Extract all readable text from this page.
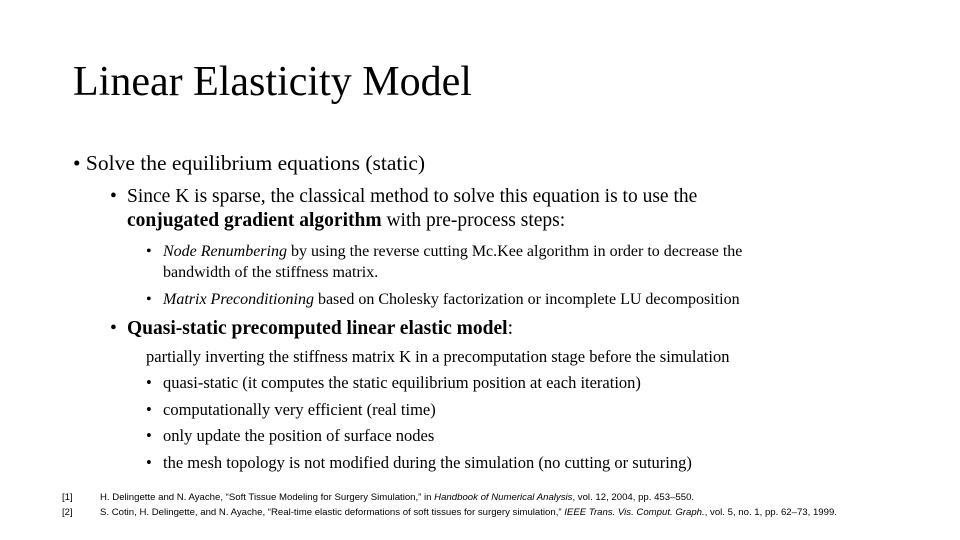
Linear Elasticity Model
• Solve the equilibrium equations (static)
• Since K is sparse, the classical method to solve this equation is to use the
conjugated gradient algorithm with pre-process steps:
• Node Renumbering by using the reverse cutting Mc.Kee algorithm in order to decrease the
bandwidth of the stiffness matrix.
• Matrix Preconditioning based on Cholesky factorization or incomplete LU decomposition
• Quasi-static precomputed linear elastic model:
partially inverting the stiffness matrix K in a precomputation stage before the simulation
• quasi-static (it computes the static equilibrium position at each iteration)
• computationally very efficient (real time)
• only update the position of surface nodes
• the mesh topology is not modified during the simulation (no cutting or suturing)
[1]	H. Delingette and N. Ayache, “Soft Tissue Modeling for Surgery Simulation,” in Handbook of Numerical Analysis, vol. 12, 2004, pp. 453–550.
[2]	S. Cotin, H. Delingette, and N. Ayache, “Real-time elastic deformations of soft tissues for surgery simulation,” IEEE Trans. Vis. Comput. Graph., vol. 5, no. 1, pp. 62–73, 1999.
